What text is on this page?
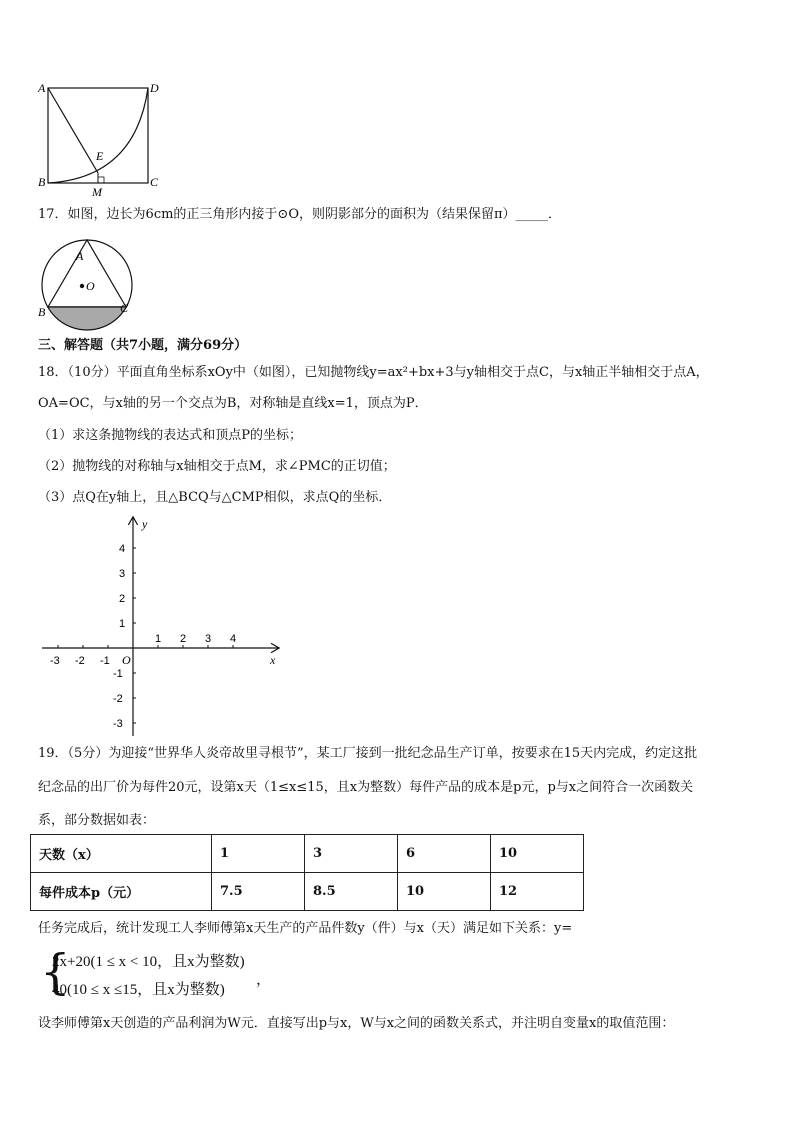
A	D
B	C
E
M
17．如图，边长为6cm的正三角形内接于⊙O，则阴影部分的面积为（结果保留π）_____．
A
O
B	C
三、解答题（共7小题，满分69分）
18．（10分）平面直角坐标系xOy中（如图），已知抛物线y=ax²+bx+3与y轴相交于点C，与x轴正半轴相交于点A，
OA=OC，与x轴的另一个交点为B，对称轴是直线x=1，顶点为P．
（1）求这条抛物线的表达式和顶点P的坐标；
（2）抛物线的对称轴与x轴相交于点M，求∠PMC的正切值；
（3）点Q在y轴上，且△BCQ与△CMP相似，求点Q的坐标．
x
y
O
-3 -2 -1
1 2 3 4
4
3
2
1
-1
-2
-3
19．（5分）为迎接“世界华人炎帝故里寻根节”，某工厂接到一批纪念品生产订单，按要求在15天内完成，约定这批
纪念品的出厂价为每件20元，设第x天（1≤x≤15，且x为整数）每件产品的成本是p元，p与x之间符合一次函数关
系，部分数据如表：
天数（x）	1	3	6	10
每件成本p（元）	7.5	8.5	10	12
任务完成后，统计发现工人李师傅第x天生产的产品件数y（件）与x（天）满足如下关系：y=
{
2x+20(1 ≤ x < 10，且x为整数)
40(10 ≤ x ≤15，且x为整数)
，
设李师傅第x天创造的产品利润为W元．直接写出p与x，W与x之间的函数关系式，并注明自变量x的取值范围：
